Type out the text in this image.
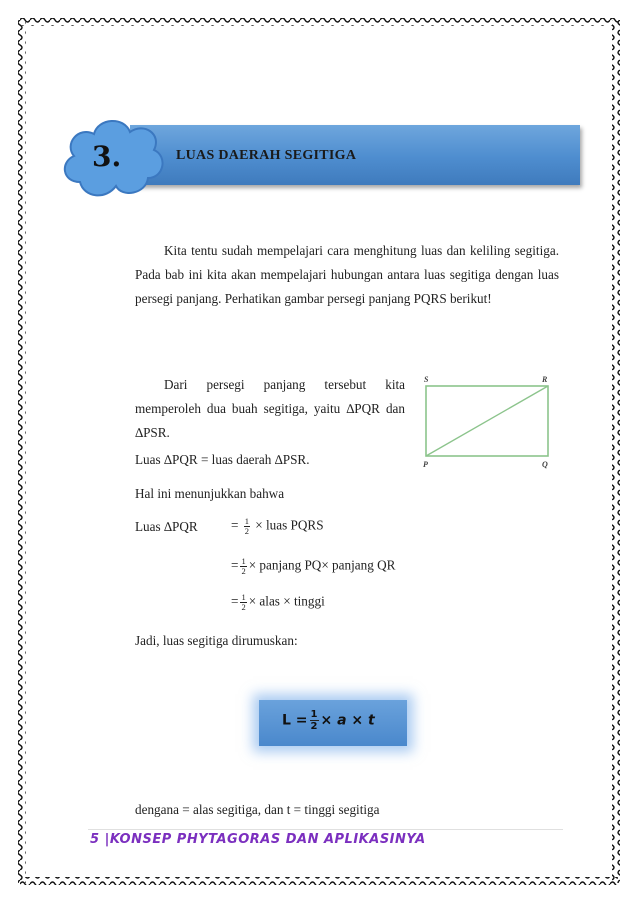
3.	LUAS DAERAH SEGITIGA
Kita tentu sudah mempelajari cara menghitung luas dan keliling segitiga. Pada bab ini kita akan mempelajari hubungan antara luas segitiga dengan luas persegi panjang. Perhatikan gambar persegi panjang PQRS berikut!
S	R
P	Q
Dari persegi panjang tersebut kita memperoleh dua buah segitiga, yaitu ∆PQR dan ∆PSR.
Luas ∆PQR = luas daerah ∆PSR.
Hal ini menunjukkan bahwa
Luas ∆PQR	= $\frac{1}{2}$ × luas PQRS
= $\frac{1}{2}$ × panjang PQ× panjang QR
= $\frac{1}{2}$ × alas × tinggi
Jadi, luas segitiga dirumuskan:
$L = \frac{1}{2} \times a \times t$
dengana = alas segitiga, dan t = tinggi segitiga
5 |KONSEP PHYTAGORAS DAN APLIKASINYA
